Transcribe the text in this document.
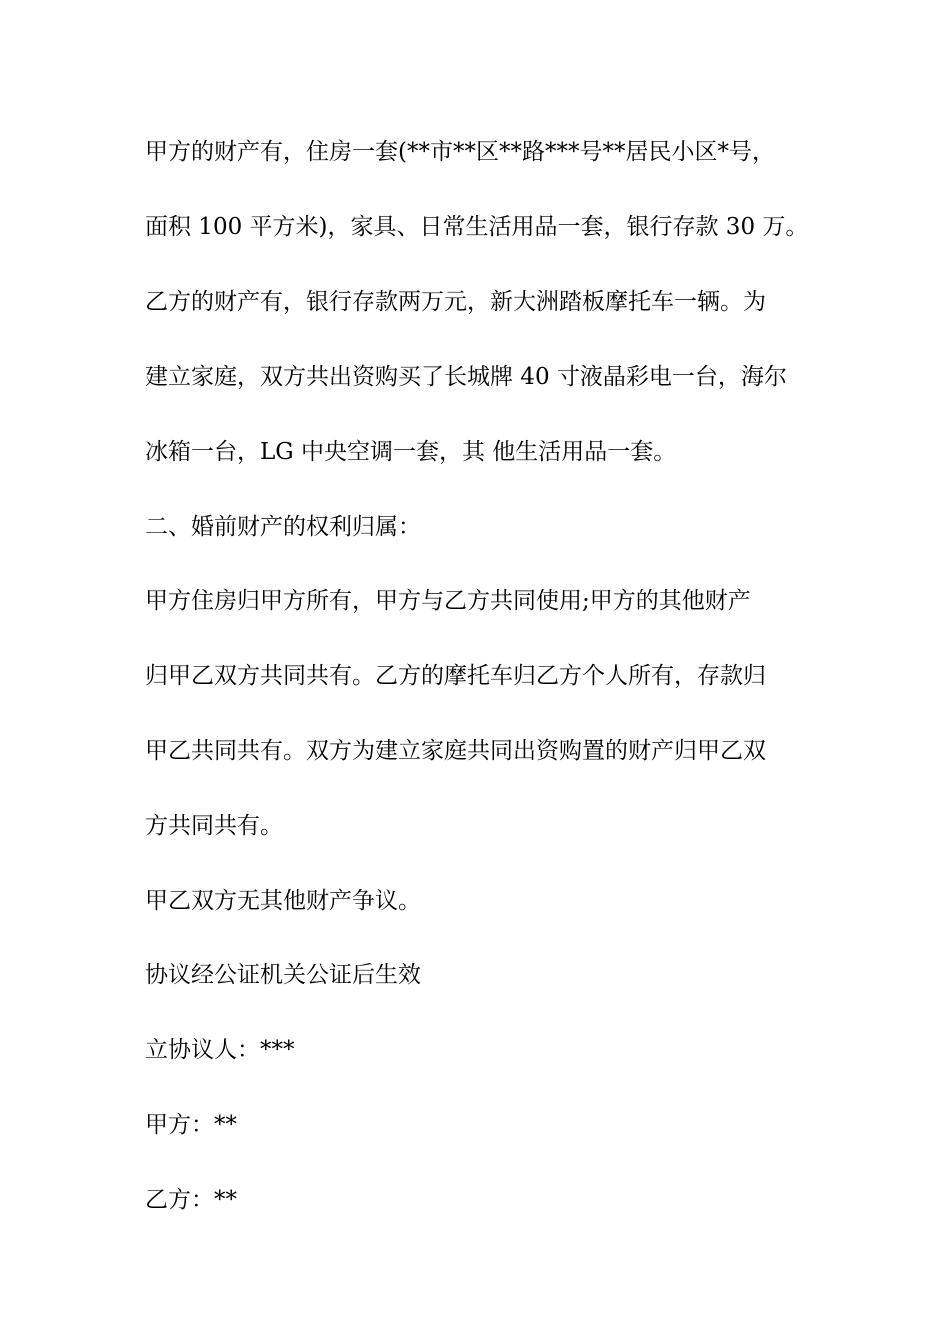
甲方的财产有，住房一套(**市**区**路***号**居民小区*号，

面积 100 平方米)，家具、日常生活用品一套，银行存款 30 万。

乙方的财产有，银行存款两万元，新大洲踏板摩托车一辆。为

建立家庭，双方共出资购买了长城牌 40 寸液晶彩电一台，海尔

冰箱一台，LG 中央空调一套，其 他生活用品一套。

二、婚前财产的权利归属：

甲方住房归甲方所有，甲方与乙方共同使用;甲方的其他财产

归甲乙双方共同共有。乙方的摩托车归乙方个人所有，存款归

甲乙共同共有。双方为建立家庭共同出资购置的财产归甲乙双

方共同共有。

甲乙双方无其他财产争议。

协议经公证机关公证后生效

立协议人：***

甲方：**

乙方：**
